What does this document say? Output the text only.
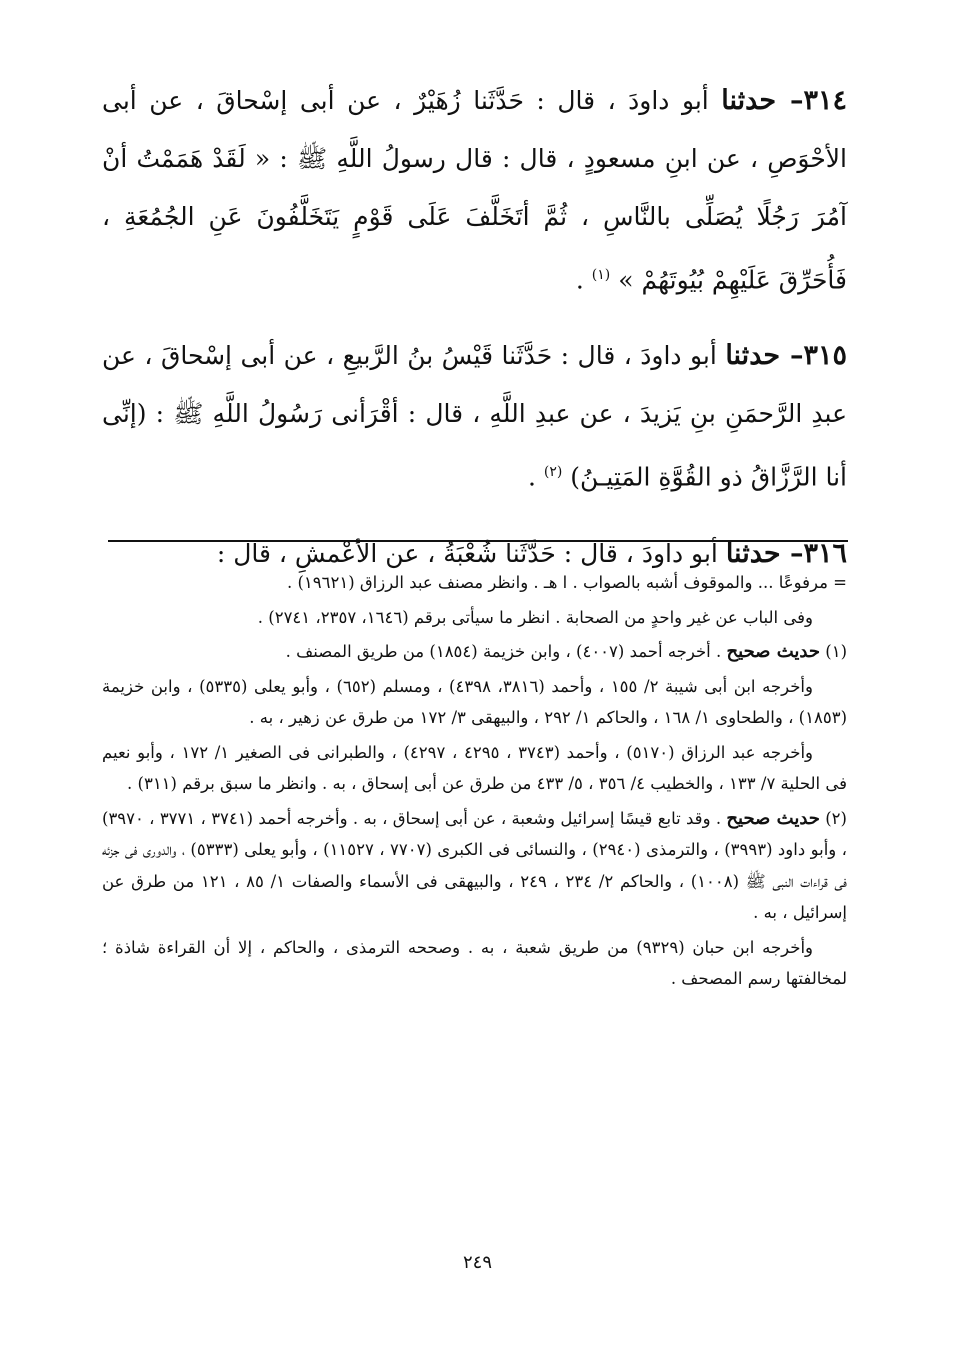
٣١٤– حدثنا أبو داودَ ، قال : حَدَّثَنا زُهَيْرٌ ، عن أبى إسْحاقَ ، عن أبى الأحْوَصِ ، عن ابنِ مسعودٍ ، قال : قال رسولُ اللَّهِ ﷺ : « لَقَدْ هَمَمْتُ أنْ آمُرَ رَجُلًا يُصَلِّى بالنَّاسِ ، ثُمَّ أتَخَلَّفَ عَلَى قَوْمٍ يَتَخَلَّفُونَ عَنِ الجُمُعَةِ ، فَأُحَرِّقَ عَلَيْهِمْ بُيُوتَهُمْ » $^{(١)}$ .

٣١٥– حدثنا أبو داودَ ، قال : حَدَّثَنا قَيْسُ بنُ الرَّبيعِ ، عن أبى إسْحاقَ ، عن عبدِ الرَّحمَنِ بنِ يَزيدَ ، عن عبدِ اللَّهِ ، قال : أقْرَأنى رَسُولُ اللَّهِ ﷺ : (إنِّى أنا الرَّزَّاقُ ذو القُوَّةِ المَتِيـنُ) $^{(٢)}$ .

٣١٦– حدثنا أبو داودَ ، قال : حَدَّثَنا شُعْبَةُ ، عن الأعْمشِ ، قال :

= مرفوعًا ... والموقوف أشبه بالصواب . ا هـ . وانظر مصنف عبد الرزاق (١٩٦٢١) .

وفى الباب عن غير واحدٍ من الصحابة . انظر ما سيأتى برقم (١٦٤٦، ٢٣٥٧، ٢٧٤١) .

(١) حديث صحيح . أخرجه أحمد (٤٠٠٧) ، وابن خزيمة (١٨٥٤) من طريق المصنف .

وأخرجه ابن أبى شيبة ٢/ ١٥٥ ، وأحمد (٣٨١٦، ٤٣٩٨) ، ومسلم (٦٥٢) ، وأبو يعلى (٥٣٣٥) ، وابن خزيمة (١٨٥٣) ، والطحاوى ١/ ١٦٨ ، والحاكم ١/ ٢٩٢ ، والبيهقى ٣/ ١٧٢ من طرق عن زهير ، به .

وأخرجه عبد الرزاق (٥١٧٠) ، وأحمد (٣٧٤٣ ، ٤٢٩٥ ، ٤٢٩٧) ، والطبرانى فى الصغير ١/ ١٧٢ ، وأبو نعيم فى الحلية ٧/ ١٣٣ ، والخطيب ٤/ ٣٥٦ ، ٥/ ٤٣٣ من طرق عن أبى إسحاق ، به . وانظر ما سبق برقم (٣١١) .

(٢) حديث صحيح . وقد تابع قيسًا إسرائيل وشعبة ، عن أبى إسحاق ، به . وأخرجه أحمد (٣٧٤١ ، ٣٧٧١ ، ٣٩٧٠) ، وأبو داود (٣٩٩٣) ، والترمذى (٢٩٤٠) ، والنسائى فى الكبرى (٧٧٠٧ ، ١١٥٢٧) ، وأبو يعلى (٥٣٣٣) ، والدورى فى جزئه فى قراءات النبى ﷺ (١٠٠٨) ، والحاكم ٢/ ٢٣٤ ، ٢٤٩ ، والبيهقى فى الأسماء والصفات ١/ ٨٥ ، ١٢١ من طرق عن إسرائيل ، به .

وأخرجه ابن حبان (٩٣٢٩) من طريق شعبة ، به . وصححه الترمذى ، والحاكم ، إلا أن القراءة شاذة ؛ لمخالفتها رسم المصحف .

٢٤٩
